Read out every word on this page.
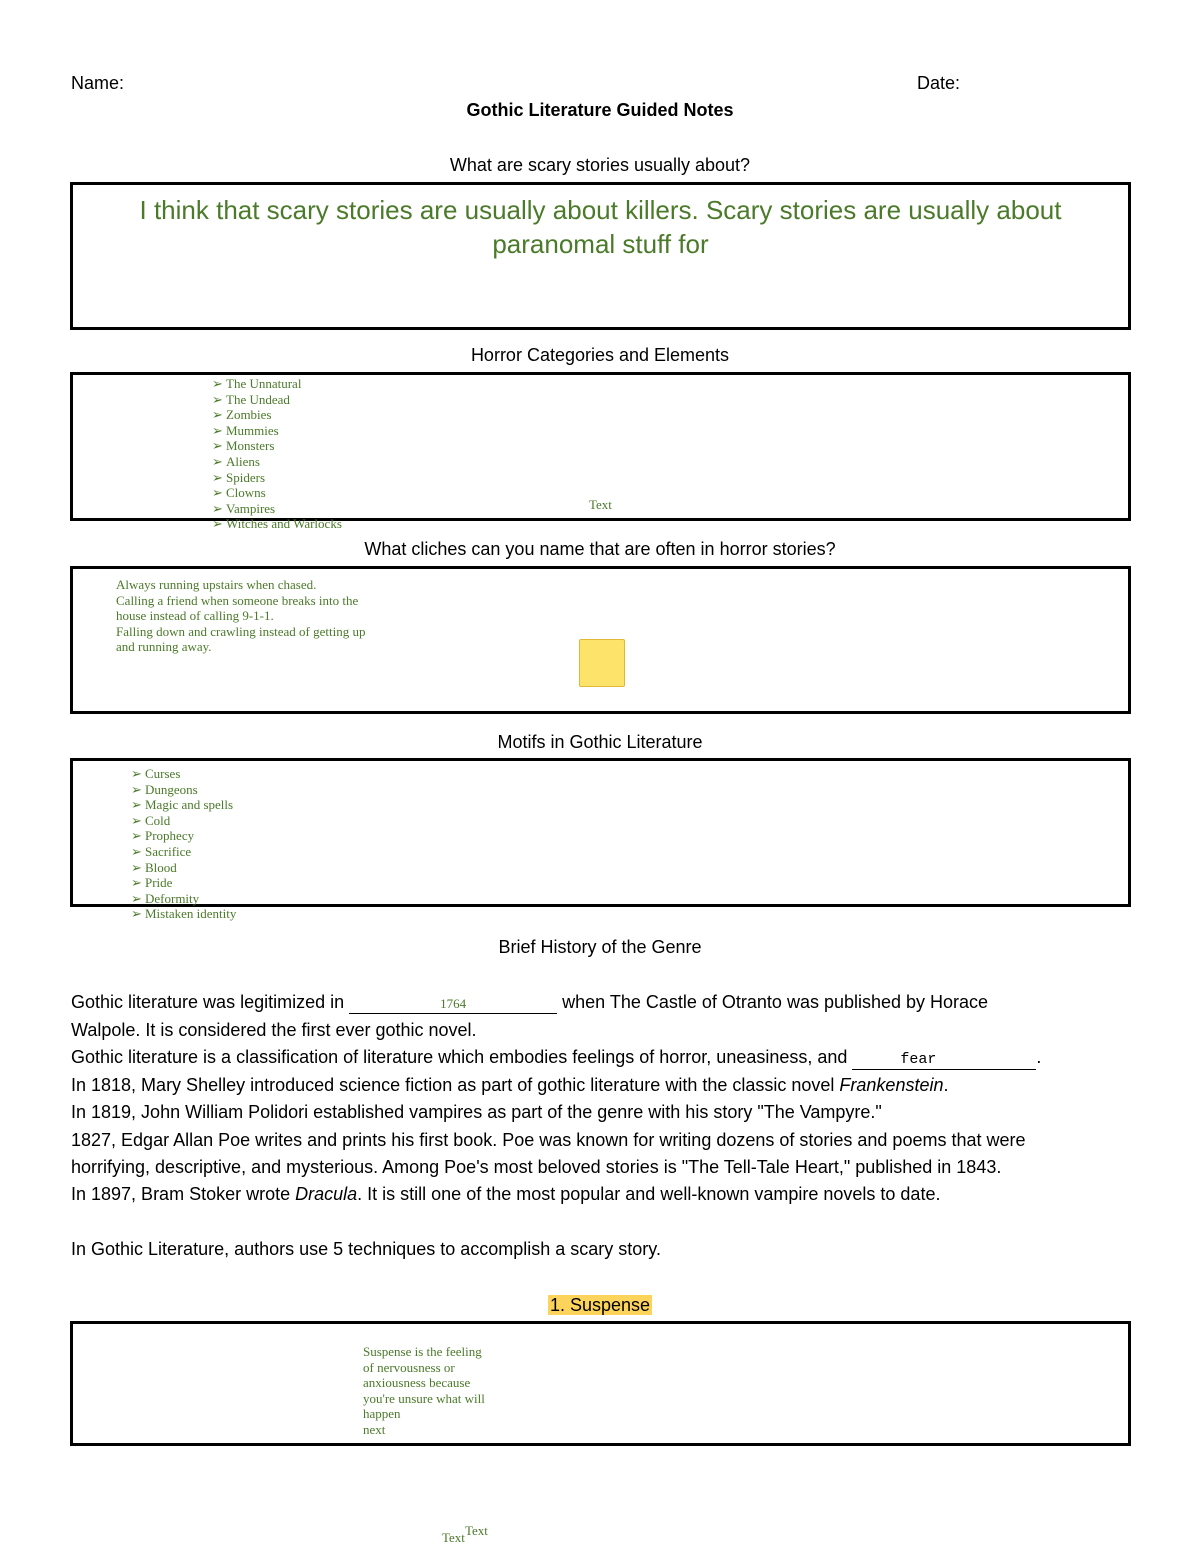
Name:	Date:
Gothic Literature Guided Notes
What are scary stories usually about?
I think that scary stories are usually about killers. Scary stories are usually about
paranomal stuff for
Horror Categories and Elements
➢ The Unnatural
➢ The Undead
➢ Zombies
➢ Mummies
➢ Monsters
➢ Aliens
➢ Spiders
➢ Clowns
➢ Vampires
➢ Witches and Warlocks
Text
What cliches can you name that are often in horror stories?
Always running upstairs when chased.
Calling a friend when someone breaks into the
house instead of calling 9-1-1.
Falling down and crawling instead of getting up
and running away.
Motifs in Gothic Literature
➢ Curses
➢ Dungeons
➢ Magic and spells
➢ Cold
➢ Prophecy
➢ Sacrifice
➢ Blood
➢ Pride
➢ Deformity
➢ Mistaken identity
Brief History of the Genre
Gothic literature was legitimized in	1764	when The Castle of Otranto was published by Horace
Walpole. It is considered the first ever gothic novel.
Gothic literature is a classification of literature which embodies feelings of horror, uneasiness, and	fear	.
In 1818, Mary Shelley introduced science fiction as part of gothic literature with the classic novel Frankenstein.
In 1819, John William Polidori established vampires as part of the genre with his story "The Vampyre."
1827, Edgar Allan Poe writes and prints his first book. Poe was known for writing dozens of stories and poems that were
horrifying, descriptive, and mysterious. Among Poe's most beloved stories is "The Tell-Tale Heart," published in 1843.
In 1897, Bram Stoker wrote Dracula. It is still one of the most popular and well-known vampire novels to date.
In Gothic Literature, authors use 5 techniques to accomplish a scary story.
1. Suspense
Suspense is the feeling
of nervousness or
anxiousness because
you're unsure what will
happen
next
Text Text
